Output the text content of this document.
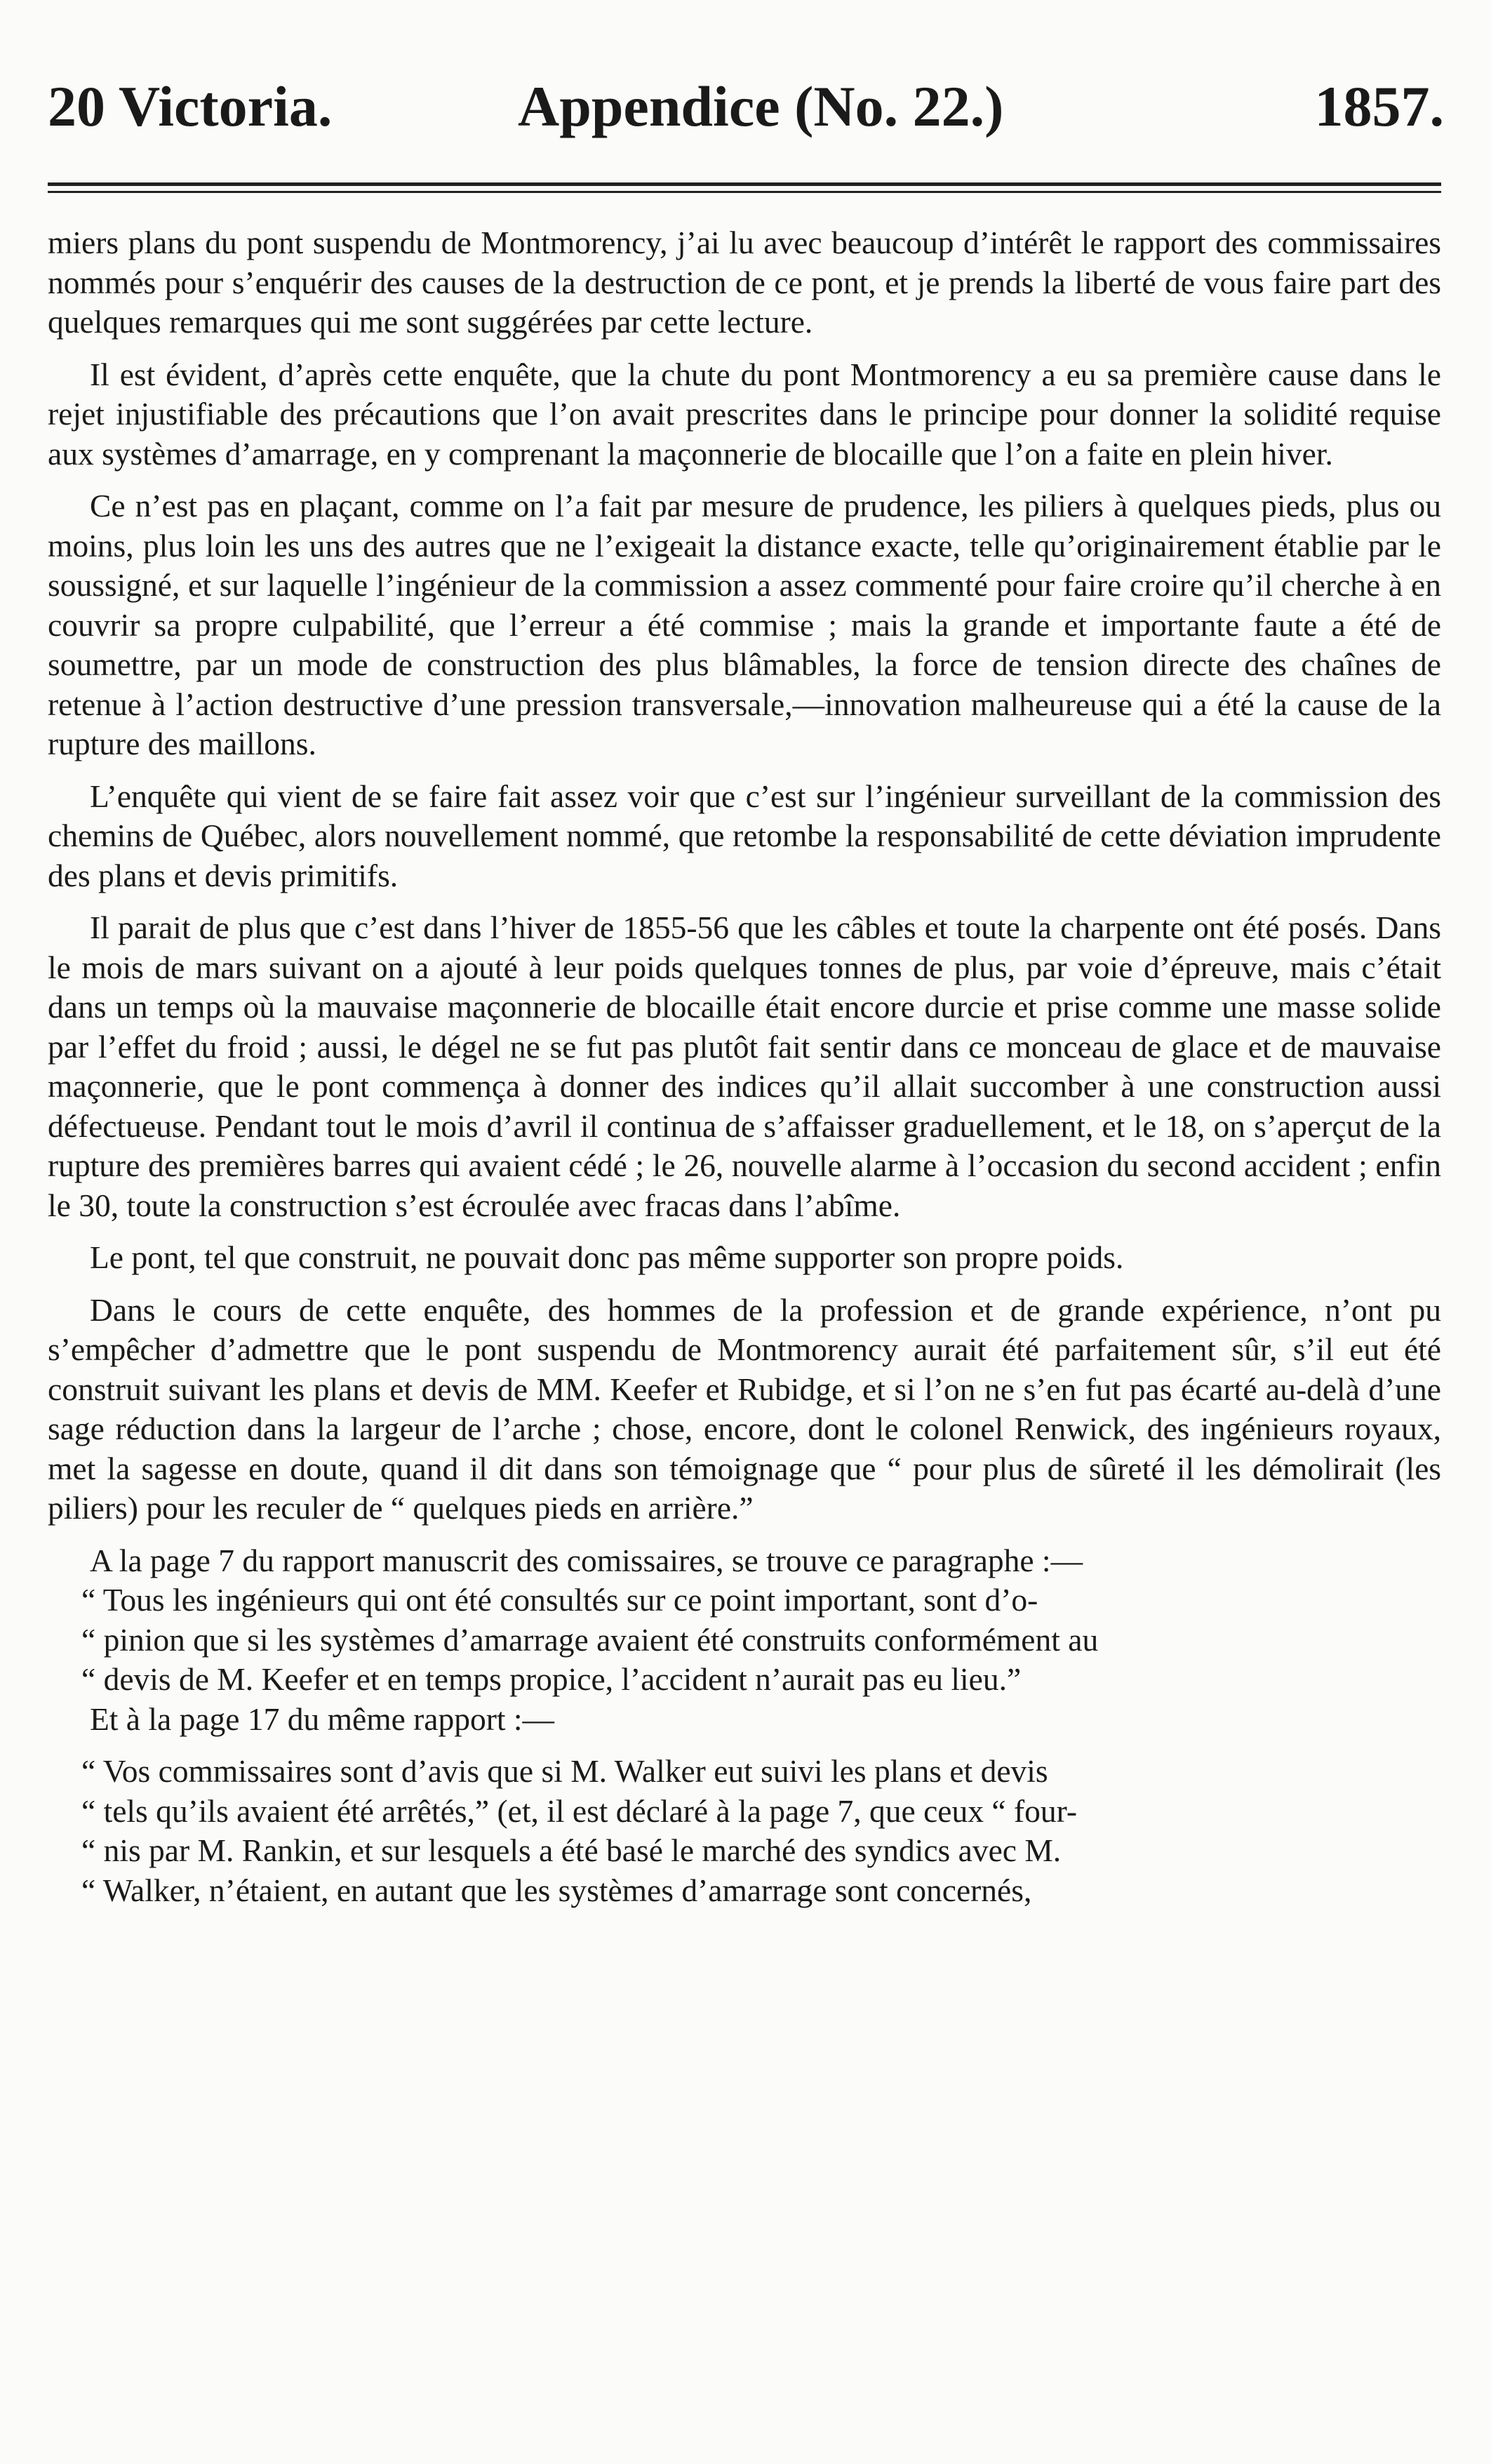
20 Victoria.	Appendice (No. 22.)	1857.

miers plans du pont suspendu de Montmorency, j’ai lu avec beaucoup d’intérêt le rapport des commissaires nommés pour s’enquérir des causes de la destruction de ce pont, et je prends la liberté de vous faire part des quelques remarques qui me sont suggérées par cette lecture.

Il est évident, d’après cette enquête, que la chute du pont Montmorency a eu sa première cause dans le rejet injustifiable des précautions que l’on avait prescrites dans le principe pour donner la solidité requise aux systèmes d’amarrage, en y comprenant la maçonnerie de blocaille que l’on a faite en plein hiver.

Ce n’est pas en plaçant, comme on l’a fait par mesure de prudence, les piliers à quelques pieds, plus ou moins, plus loin les uns des autres que ne l’exigeait la distance exacte, telle qu’originairement établie par le soussigné, et sur laquelle l’ingénieur de la commission a assez commenté pour faire croire qu’il cherche à en couvrir sa propre culpabilité, que l’erreur a été commise ; mais la grande et importante faute a été de soumettre, par un mode de construction des plus blâmables, la force de tension directe des chaînes de retenue à l’action destructive d’une pression transversale,—innovation malheureuse qui a été la cause de la rupture des maillons.

L’enquête qui vient de se faire fait assez voir que c’est sur l’ingénieur surveillant de la commission des chemins de Québec, alors nouvellement nommé, que retombe la responsabilité de cette déviation imprudente des plans et devis primitifs.

Il parait de plus que c’est dans l’hiver de 1855-56 que les câbles et toute la charpente ont été posés. Dans le mois de mars suivant on a ajouté à leur poids quelques tonnes de plus, par voie d’épreuve, mais c’était dans un temps où la mauvaise maçonnerie de blocaille était encore durcie et prise comme une masse solide par l’effet du froid ; aussi, le dégel ne se fut pas plutôt fait sentir dans ce monceau de glace et de mauvaise maçonnerie, que le pont commença à donner des indices qu’il allait succomber à une construction aussi défectueuse. Pendant tout le mois d’avril il continua de s’affaisser graduellement, et le 18, on s’aperçut de la rupture des premières barres qui avaient cédé ; le 26, nouvelle alarme à l’occasion du second accident ; enfin le 30, toute la construction s’est écroulée avec fracas dans l’abîme.

Le pont, tel que construit, ne pouvait donc pas même supporter son propre poids.

Dans le cours de cette enquête, des hommes de la profession et de grande expérience, n’ont pu s’empêcher d’admettre que le pont suspendu de Montmorency aurait été parfaitement sûr, s’il eut été construit suivant les plans et devis de MM. Keefer et Rubidge, et si l’on ne s’en fut pas écarté au-delà d’une sage réduction dans la largeur de l’arche ; chose, encore, dont le colonel Renwick, des ingénieurs royaux, met la sagesse en doute, quand il dit dans son témoignage que “ pour plus de sûreté il les démolirait (les piliers) pour les reculer de “ quelques pieds en arrière.”

A la page 7 du rapport manuscrit des comissaires, se trouve ce paragraphe :—

“ Tous les ingénieurs qui ont été consultés sur ce point important, sont d’o-

“ pinion que si les systèmes d’amarrage avaient été construits conformément au

“ devis de M. Keefer et en temps propice, l’accident n’aurait pas eu lieu.”

Et à la page 17 du même rapport :—

“ Vos commissaires sont d’avis que si M. Walker eut suivi les plans et devis

“ tels qu’ils avaient été arrêtés,” (et, il est déclaré à la page 7, que ceux “ four-

“ nis par M. Rankin, et sur lesquels a été basé le marché des syndics avec M.

“ Walker, n’étaient, en autant que les systèmes d’amarrage sont concernés,
